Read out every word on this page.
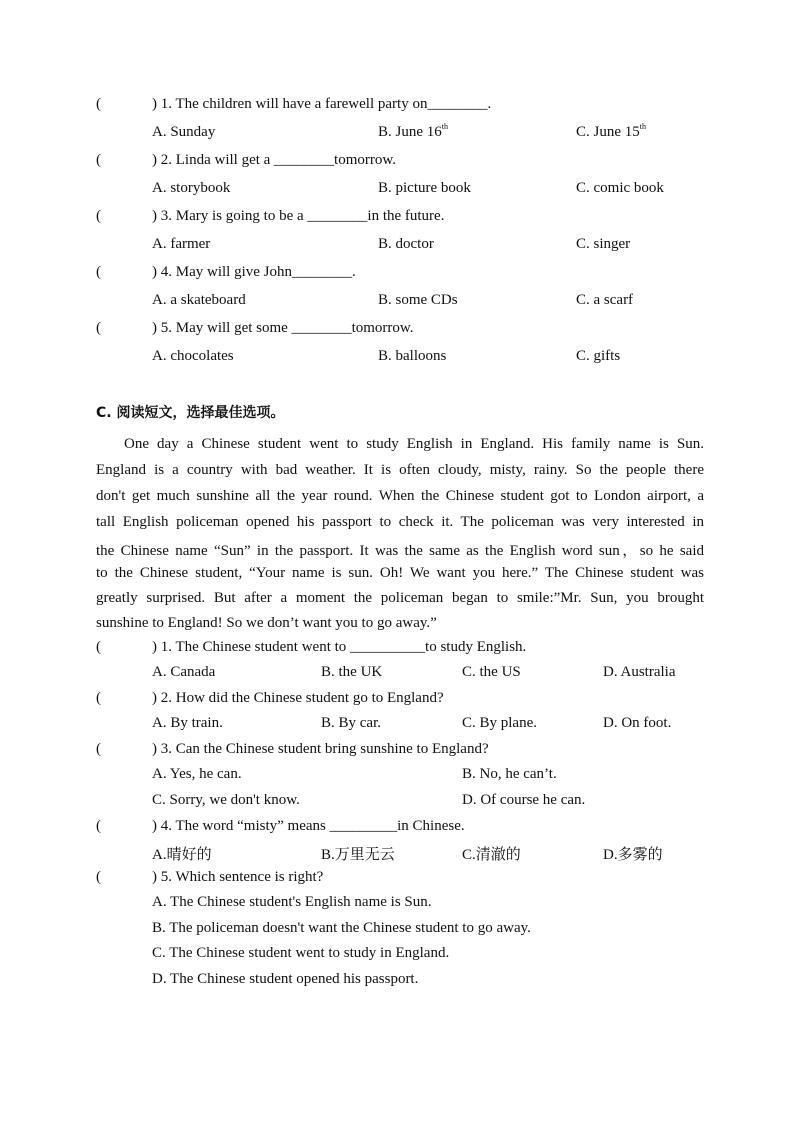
(	) 1. The children will have a farewell party on________.
A. Sunday	B. June 16th	C. June 15th
(	) 2. Linda will get a ________tomorrow.
A. storybook	B. picture book	C. comic book
(	) 3. Mary is going to be a ________in the future.
A. farmer	B. doctor	C. singer
(	) 4. May will give John________.
A. a skateboard	B. some CDs	C. a scarf
(	) 5. May will get some ________tomorrow.
A. chocolates	B. balloons	C. gifts
C. 阅读短文，选择最佳选项。
One day a Chinese student went to study English in England. His family name is Sun.
England is a country with bad weather. It is often cloudy, misty, rainy. So the people there
don't get much sunshine all the year round. When the Chinese student got to London airport, a
tall English policeman opened his passport to check it. The policeman was very interested in
the Chinese name “Sun” in the passport. It was the same as the English word sun，so he said
to the Chinese student, “Your name is sun. Oh! We want you here.” The Chinese student was
greatly surprised. But after a moment the policeman began to smile:”Mr. Sun, you brought
sunshine to England! So we don’t want you to go away.”
(	) 1. The Chinese student went to __________to study English.
A. Canada	B. the UK	C. the US	D. Australia
(	) 2. How did the Chinese student go to England?
A. By train.	B. By car.	C. By plane.	D. On foot.
(	) 3. Can the Chinese student bring sunshine to England?
A. Yes, he can.	B. No, he can’t.
C. Sorry, we don't know.	D. Of course he can.
(	) 4. The word “misty” means _________in Chinese.
A.晴好的	B.万里无云	C.清澈的	D.多雾的
(	) 5. Which sentence is right?
A. The Chinese student's English name is Sun.
B. The policeman doesn't want the Chinese student to go away.
C. The Chinese student went to study in England.
D. The Chinese student opened his passport.
